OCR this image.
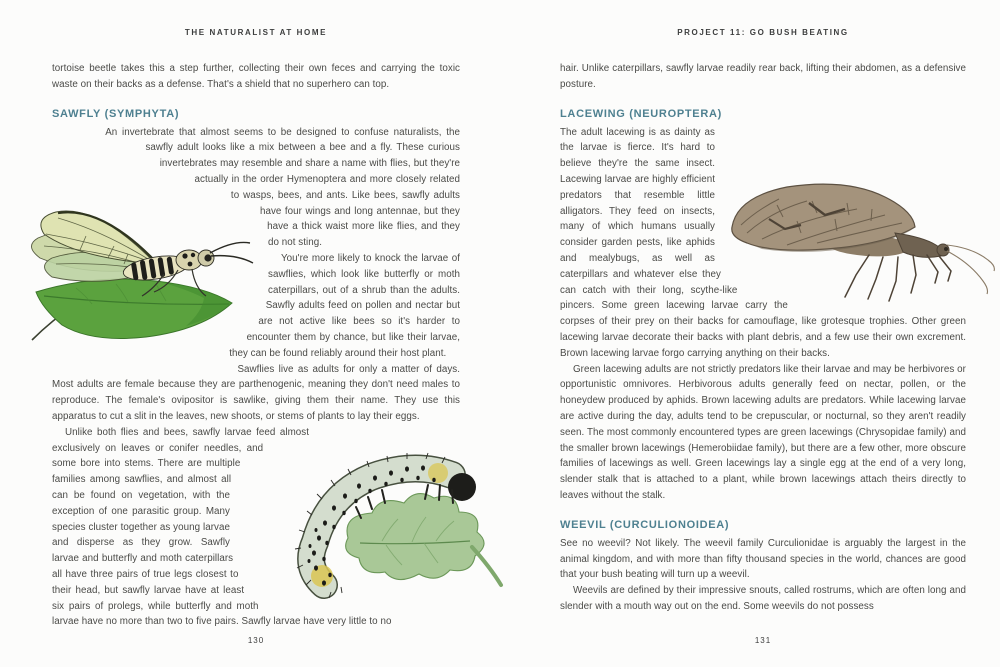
THE NATURALIST AT HOME

tortoise beetle takes this a step further, collecting their own feces and carrying the toxic waste on their backs as a defense. That's a shield that no superhero can top.

SAWFLY (SYMPHYTA)

An invertebrate that almost seems to be designed to confuse naturalists, the sawfly adult looks like a mix between a bee and a fly. These curious invertebrates may resemble and share a name with flies, but they're actually in the order Hymenoptera and more closely related to wasps, bees, and ants. Like bees, sawfly adults have four wings and long antennae, but they have a thick waist more like flies, and they do not sting.

You're more likely to knock the larvae of sawflies, which look like butterfly or moth caterpillars, out of a shrub than the adults. Sawfly adults feed on pollen and nectar but are not active like bees so it's harder to encounter them by chance, but like their larvae, they can be found reliably around their host plant.

Sawflies live as adults for only a matter of days. Most adults are female because they are parthenogenic, meaning they don't need males to reproduce. The female's ovipositor is sawlike, giving them their name. They use this apparatus to cut a slit in the leaves, new shoots, or stems of plants to lay their eggs.

Unlike both flies and bees, sawfly larvae feed almost exclusively on leaves or conifer needles, and some bore into stems. There are multiple families among sawflies, and almost all can be found on vegetation, with the exception of one parasitic group. Many species cluster together as young larvae and disperse as they grow. Sawfly larvae and butterfly and moth caterpillars all have three pairs of true legs closest to their head, but sawfly larvae have at least six pairs of prolegs, while butterfly and moth larvae have no more than two to five pairs. Sawfly larvae have very little to no

130
PROJECT 11: GO BUSH BEATING

hair. Unlike caterpillars, sawfly larvae readily rear back, lifting their abdomen, as a defensive posture.

LACEWING (NEUROPTERA)

The adult lacewing is as dainty as the larvae is fierce. It's hard to believe they're the same insect. Lacewing larvae are highly efficient predators that resemble little alligators. They feed on insects, many of which humans usually consider garden pests, like aphids and mealybugs, as well as caterpillars and whatever else they can catch with their long, scythe-like pincers. Some green lacewing larvae carry the corpses of their prey on their backs for camouflage, like grotesque trophies. Other green lacewing larvae decorate their backs with plant debris, and a few use their own excrement. Brown lacewing larvae forgo carrying anything on their backs.

Green lacewing adults are not strictly predators like their larvae and may be herbivores or opportunistic omnivores. Herbivorous adults generally feed on nectar, pollen, or the honeydew produced by aphids. Brown lacewing adults are predators. While lacewing larvae are active during the day, adults tend to be crepuscular, or nocturnal, so they aren't readily seen. The most commonly encountered types are green lacewings (Chrysopidae family) and the smaller brown lacewings (Hemerobiidae family), but there are a few other, more obscure families of lacewings as well. Green lacewings lay a single egg at the end of a very long, slender stalk that is attached to a plant, while brown lacewings attach theirs directly to leaves without the stalk.

WEEVIL (CURCULIONOIDEA)

See no weevil? Not likely. The weevil family Curculionidae is arguably the largest in the animal kingdom, and with more than fifty thousand species in the world, chances are good that your bush beating will turn up a weevil.

Weevils are defined by their impressive snouts, called rostrums, which are often long and slender with a mouth way out on the end. Some weevils do not possess

131
